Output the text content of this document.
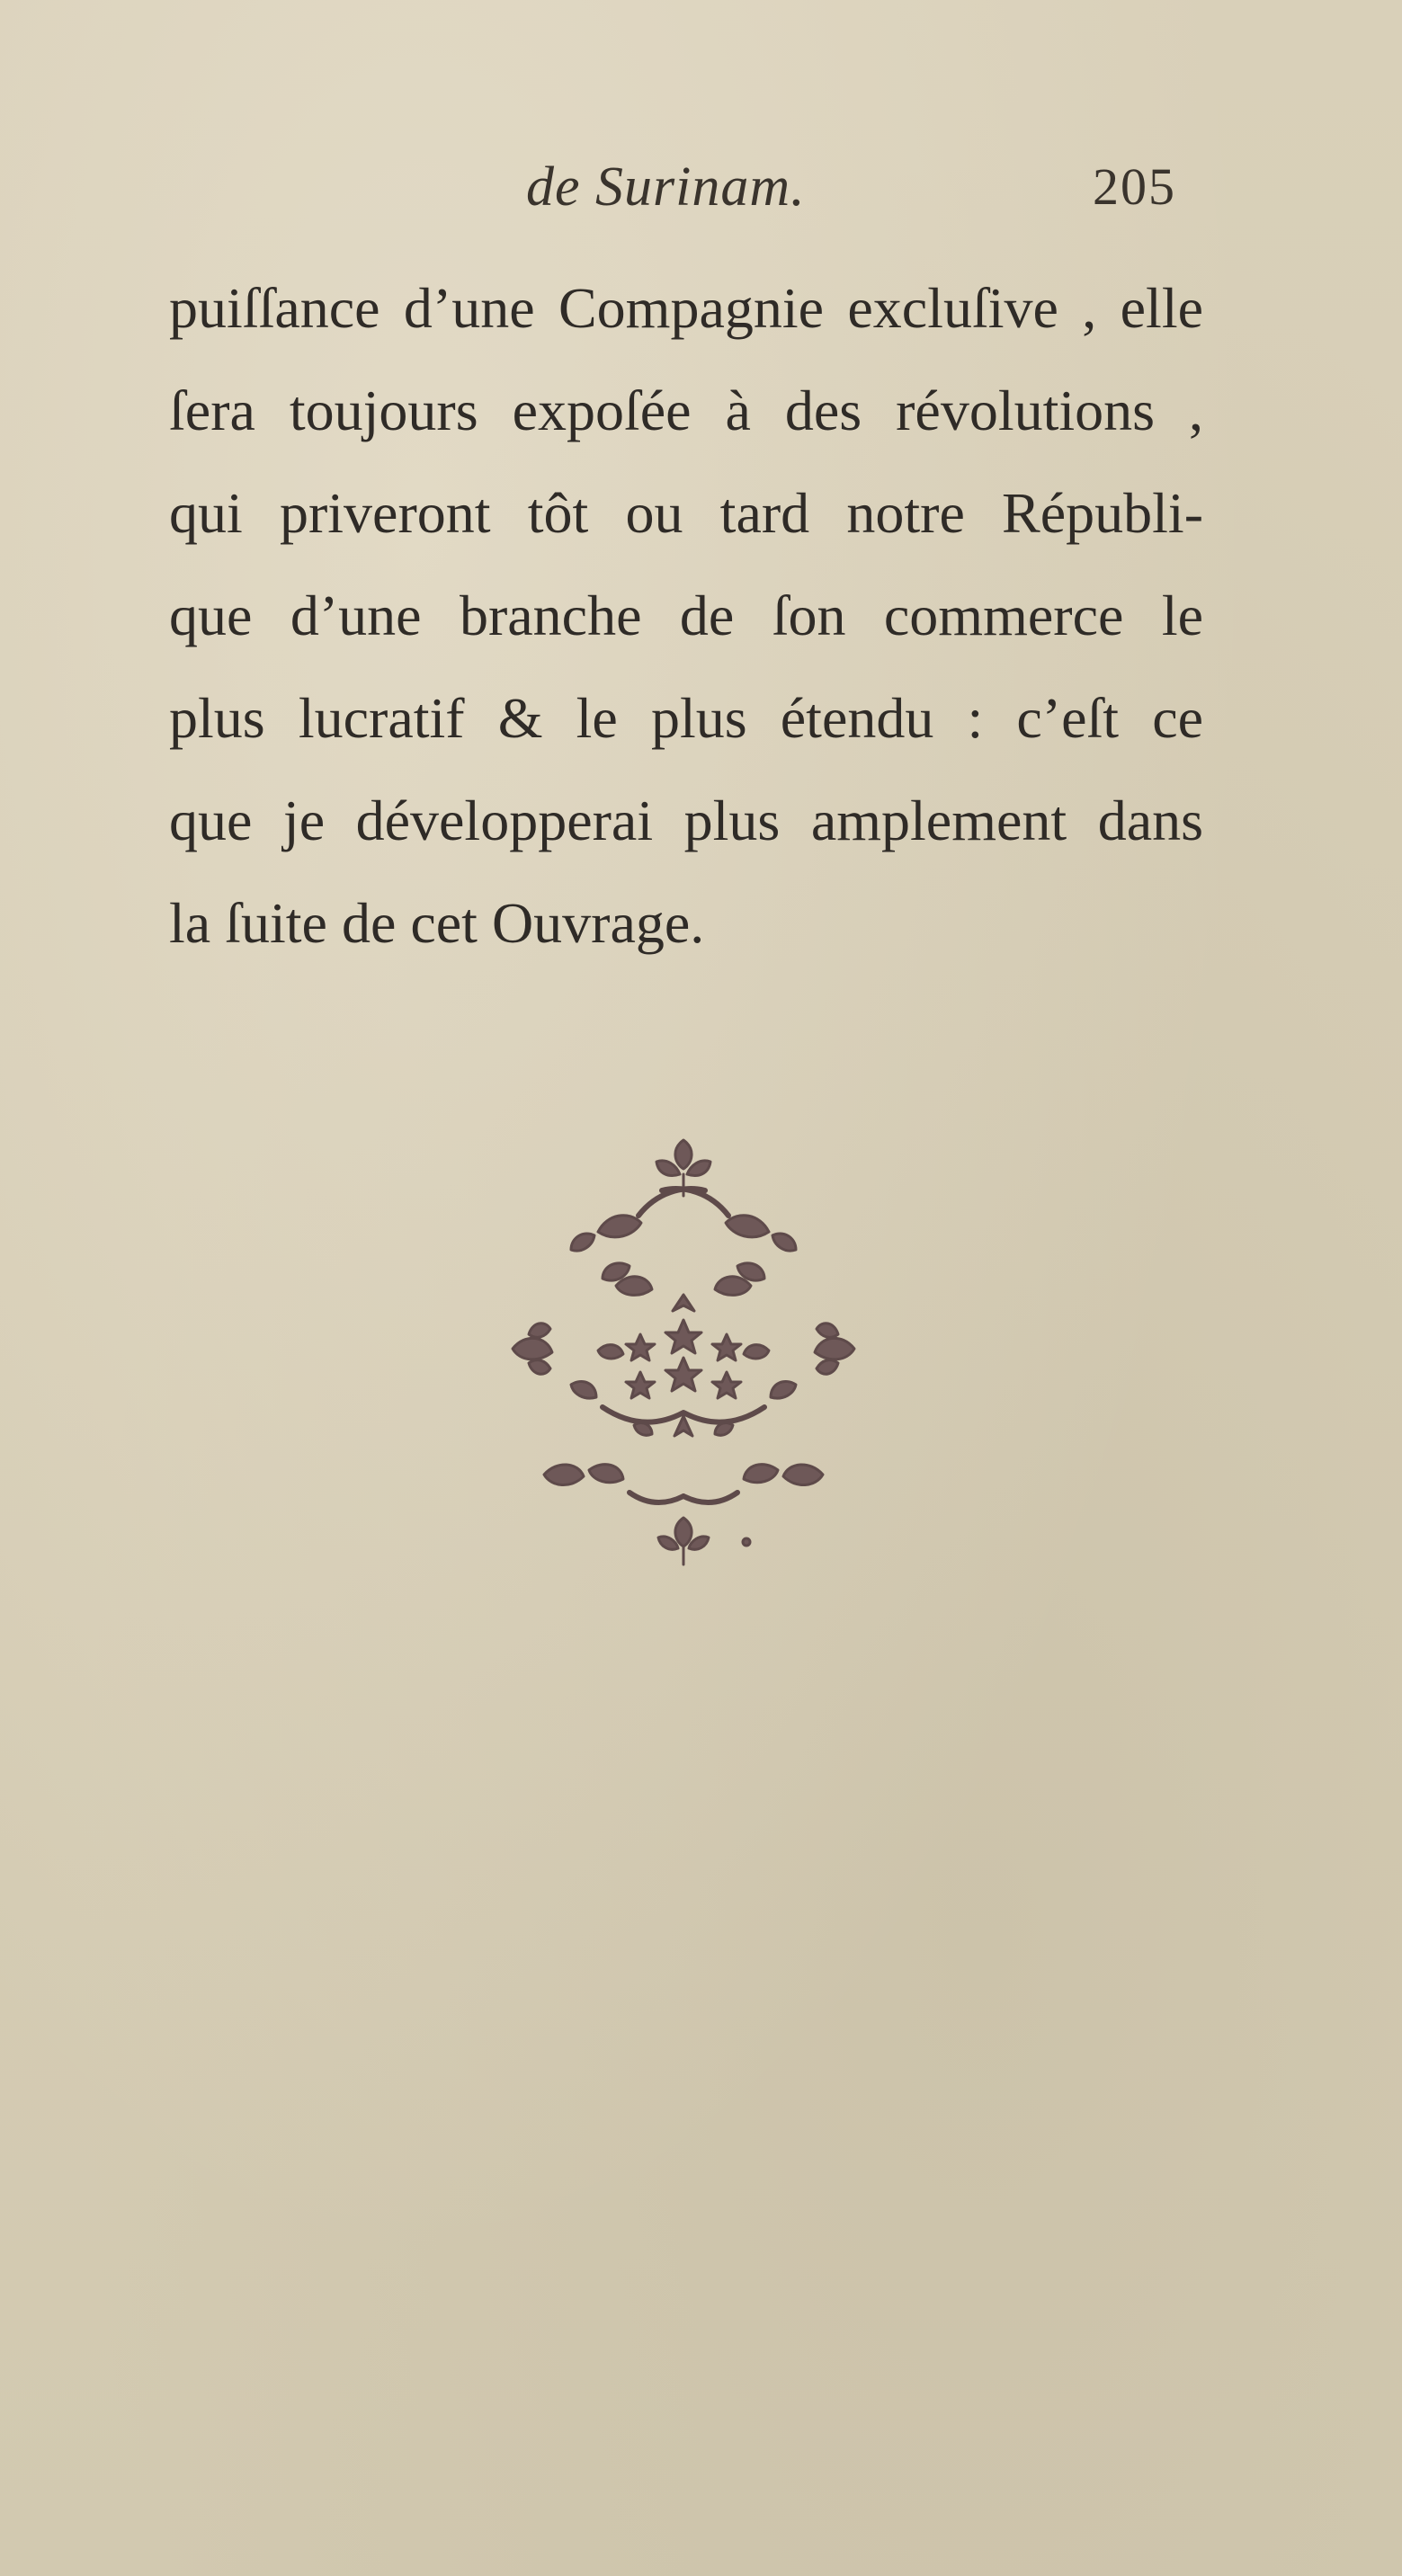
de Surinam.	205
puiſſance d’une Compagnie excluſive , elle
ſera toujours expoſée à des révolutions ,
qui priveront tôt ou tard notre Républi-
que d’une branche de ſon commerce le
plus lucratif & le plus étendu : c’eſt ce
que je développerai plus amplement dans
la ſuite de cet Ouvrage.
